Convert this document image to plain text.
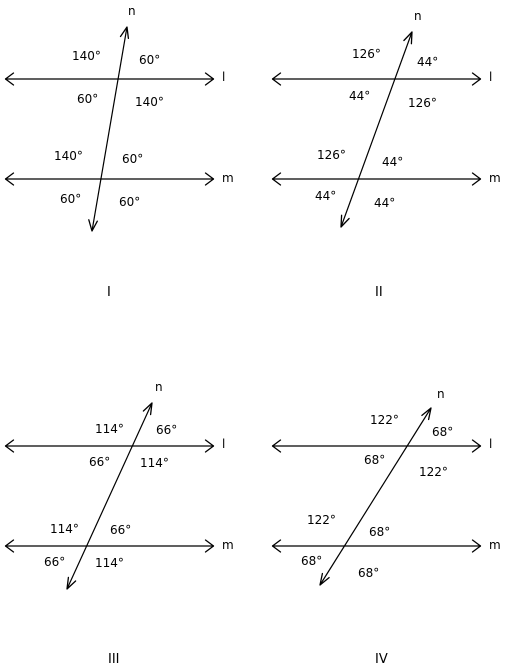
l
m
n
140°	60°
60°	140°
140°	60°
60°	60°
I
l
m
n
126°
44°
44°	126°
126°	44°
44°	44°
II
l
m
n
114°	66°
66° 114°
114°	66°
66° 114°
III
l
m
n
122°
68°
68°
122°
122°
68°
68°
68°
IV
